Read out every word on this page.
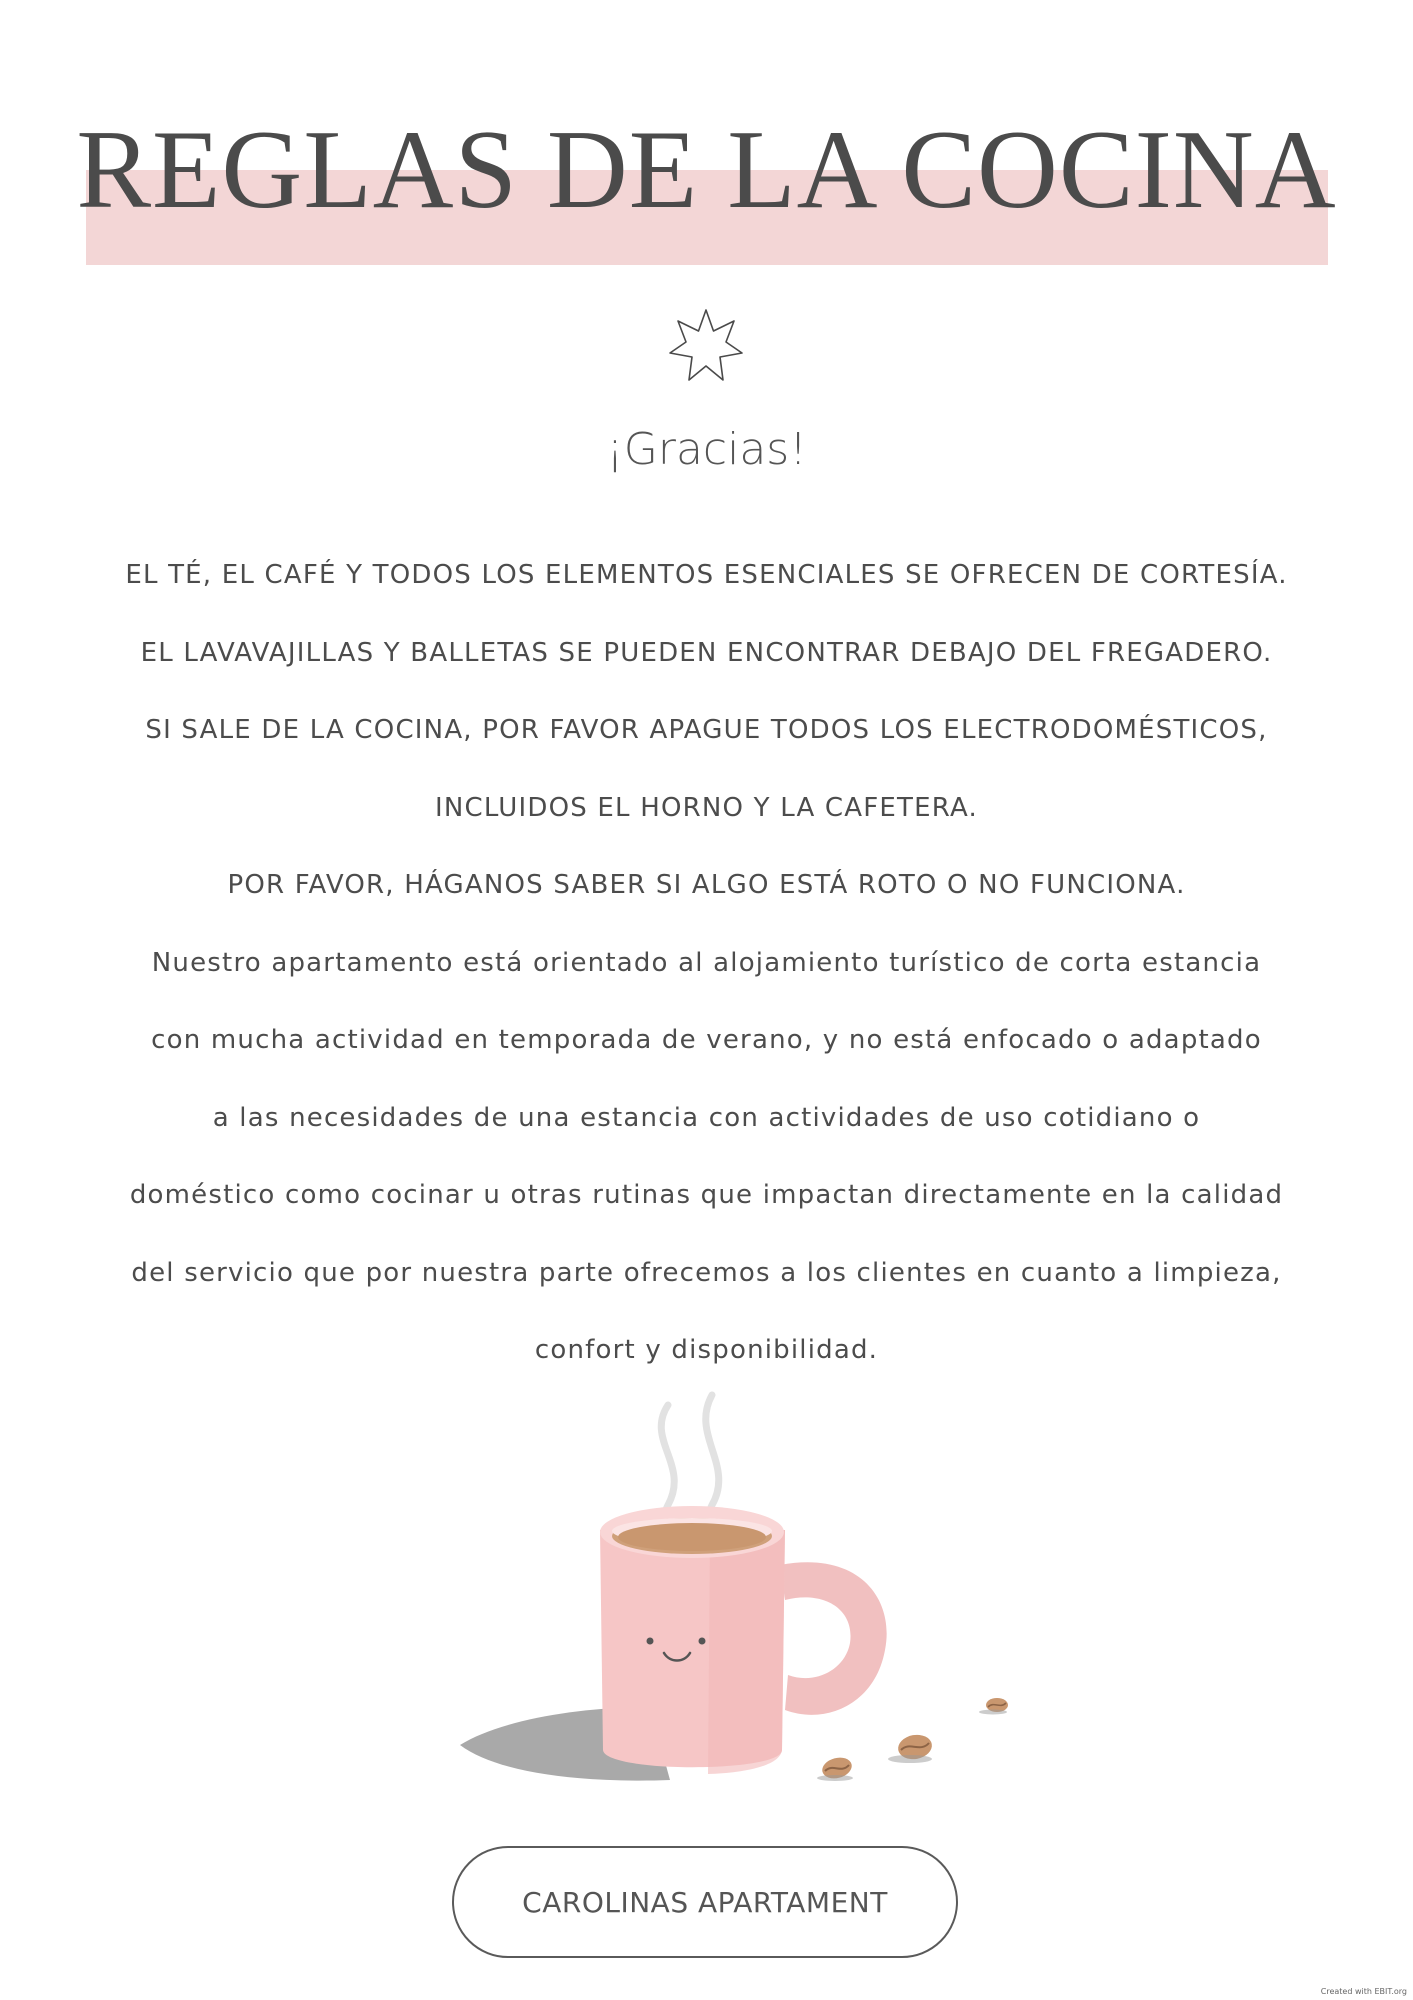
REGLAS DE LA COCINA
¡Gracias!
EL TÉ, EL CAFÉ Y TODOS LOS ELEMENTOS ESENCIALES SE OFRECEN DE CORTESÍA.
EL LAVAVAJILLAS Y BALLETAS SE PUEDEN ENCONTRAR DEBAJO DEL FREGADERO.
SI SALE DE LA COCINA, POR FAVOR APAGUE TODOS LOS ELECTRODOMÉSTICOS,
INCLUIDOS EL HORNO Y LA CAFETERA.
POR FAVOR, HÁGANOS SABER SI ALGO ESTÁ ROTO O NO FUNCIONA.
Nuestro apartamento está orientado al alojamiento turístico de corta estancia
con mucha actividad en temporada de verano, y no está enfocado o adaptado
a las necesidades de una estancia con actividades de uso cotidiano o
doméstico como cocinar u otras rutinas que impactan directamente en la calidad
del servicio que por nuestra parte ofrecemos a los clientes en cuanto a limpieza,
confort y disponibilidad.
CAROLINAS APARTAMENT
Created with EBIT.org
